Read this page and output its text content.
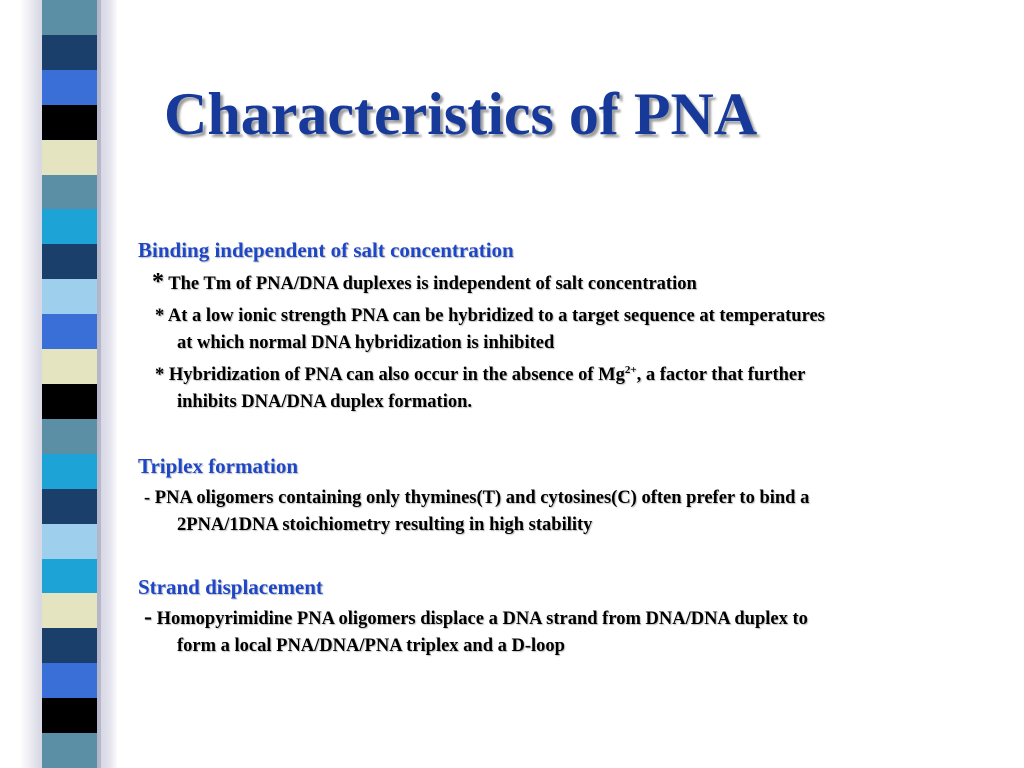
Characteristics of PNA

Binding independent of salt concentration

* The Tm of PNA/DNA duplexes is independent of salt concentration
* At a low ionic strength PNA can be hybridized to a target sequence at temperatures
at which normal DNA hybridization is inhibited
* Hybridization of PNA can also occur in the absence of $Mg^{2+}$, a factor that further
inhibits DNA/DNA duplex formation.

Triplex formation

- PNA oligomers containing only thymines(T) and cytosines(C) often prefer to bind a
2PNA/1DNA stoichiometry resulting in high stability

Strand displacement

- Homopyrimidine PNA oligomers displace a DNA strand from DNA/DNA duplex to
form a local PNA/DNA/PNA triplex and a D-loop
